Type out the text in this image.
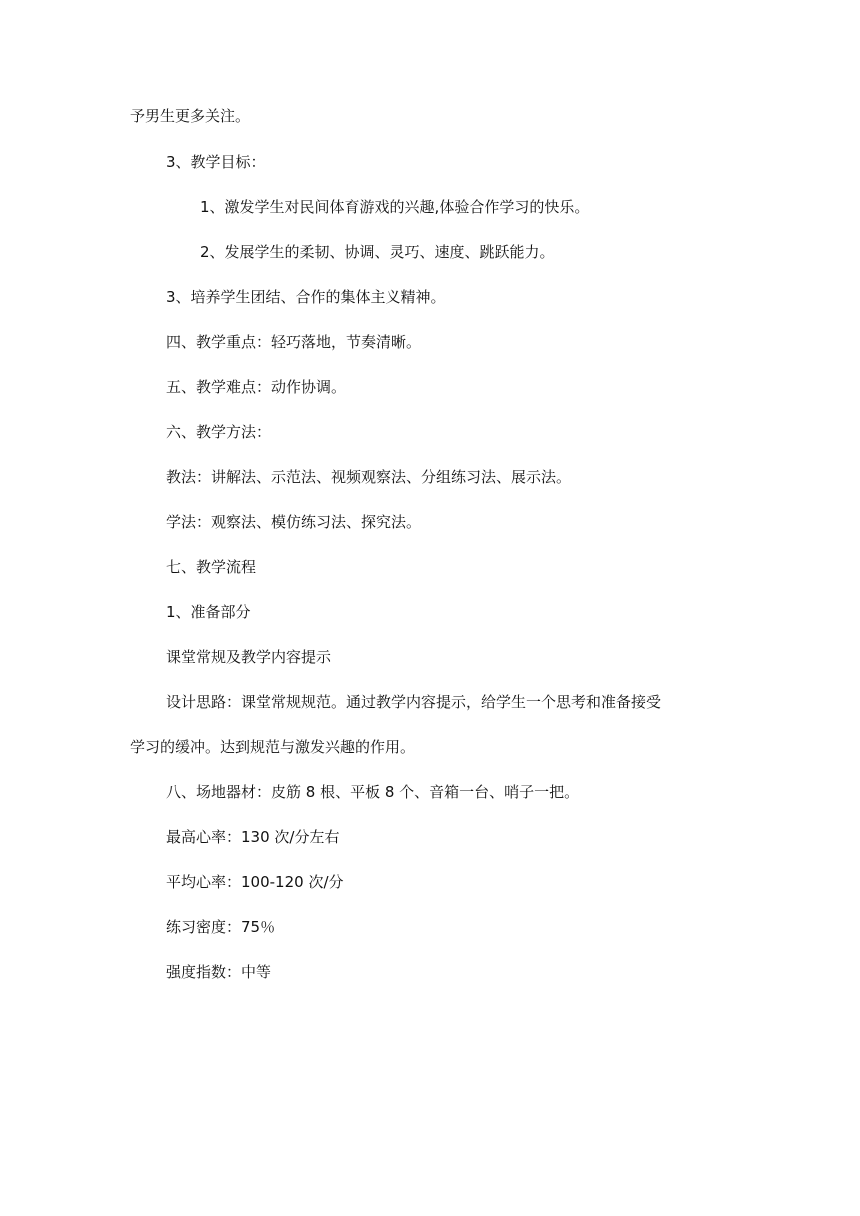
予男生更多关注。
3、教学目标：
1、激发学生对民间体育游戏的兴趣,体验合作学习的快乐。
2、发展学生的柔韧、协调、灵巧、速度、跳跃能力。
3、培养学生团结、合作的集体主义精神。
四、教学重点：轻巧落地，节奏清晰。
五、教学难点：动作协调。
六、教学方法：
教法：讲解法、示范法、视频观察法、分组练习法、展示法。
学法：观察法、模仿练习法、探究法。
七、教学流程
1、准备部分
课堂常规及教学内容提示
设计思路：课堂常规规范。通过教学内容提示，给学生一个思考和准备接受
学习的缓冲。达到规范与激发兴趣的作用。
八、场地器材：皮筋 8 根、平板 8 个、音箱一台、哨子一把。
最高心率：130 次/分左右
平均心率：100-120 次/分
练习密度：75％
强度指数：中等
